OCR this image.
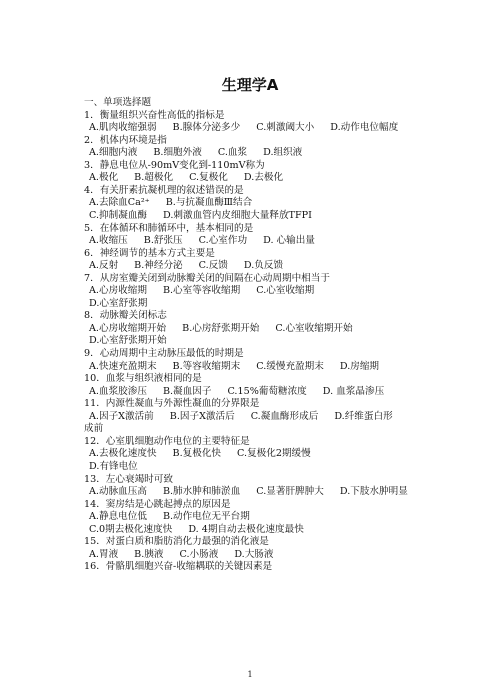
生理学A
一、单项选择题
1．衡量组织兴奋性高低的指标是
A.肌肉收缩强弱 B.腺体分泌多少 C.刺激阈大小 D.动作电位幅度
2．机体内环境是指
A.细胞内液 B.细胞外液 C.血浆 D.组织液
3．静息电位从-90mV变化到-110mV称为
A.极化 B.超极化 C.复极化 D.去极化
4．有关肝素抗凝机理的叙述错误的是
A.去除血Ca²⁺ B.与抗凝血酶Ⅲ结合
C.抑制凝血酶 D.刺激血管内皮细胞大量释放TFPI
5．在体循环和肺循环中，基本相同的是
A.收缩压 B.舒张压 C.心室作功 D. 心输出量
6．神经调节的基本方式主要是
A.反射 B.神经分泌 C.反馈 D.负反馈
7．从房室瓣关闭到动脉瓣关闭的间隔在心动周期中相当于
A.心房收缩期 B.心室等容收缩期 C.心室收缩期
D.心室舒张期
8．动脉瓣关闭标志
A.心房收缩期开始 B.心房舒张期开始 C.心室收缩期开始
D.心室舒张期开始
9．心动周期中主动脉压最低的时期是
A.快速充盈期末 B.等容收缩期末 C.缓慢充盈期末 D.房缩期
10．血浆与组织液相同的是
A.血浆胶渗压 B.凝血因子 C.15%葡萄糖浓度 D. 血浆晶渗压
11．内源性凝血与外源性凝血的分界限是
A.因子X激活前 B.因子X激活后 C.凝血酶形成后 D.纤维蛋白形
成前
12．心室肌细胞动作电位的主要特征是
A.去极化速度快 B.复极化快 C.复极化2期缓慢
D.有锋电位
13．左心衰竭时可致
A.动脉血压高 B.肺水肿和肺淤血 C.显著肝脾肿大 D.下肢水肿明显
14．窦房结是心跳起搏点的原因是
A.静息电位低 B.动作电位无平台期
C.0期去极化速度快 D. 4期自动去极化速度最快
15．对蛋白质和脂肪消化力最强的消化液是
A.胃液 B.胰液 C.小肠液 D.大肠液
16．骨骼肌细胞兴奋-收缩耦联的关键因素是
1
